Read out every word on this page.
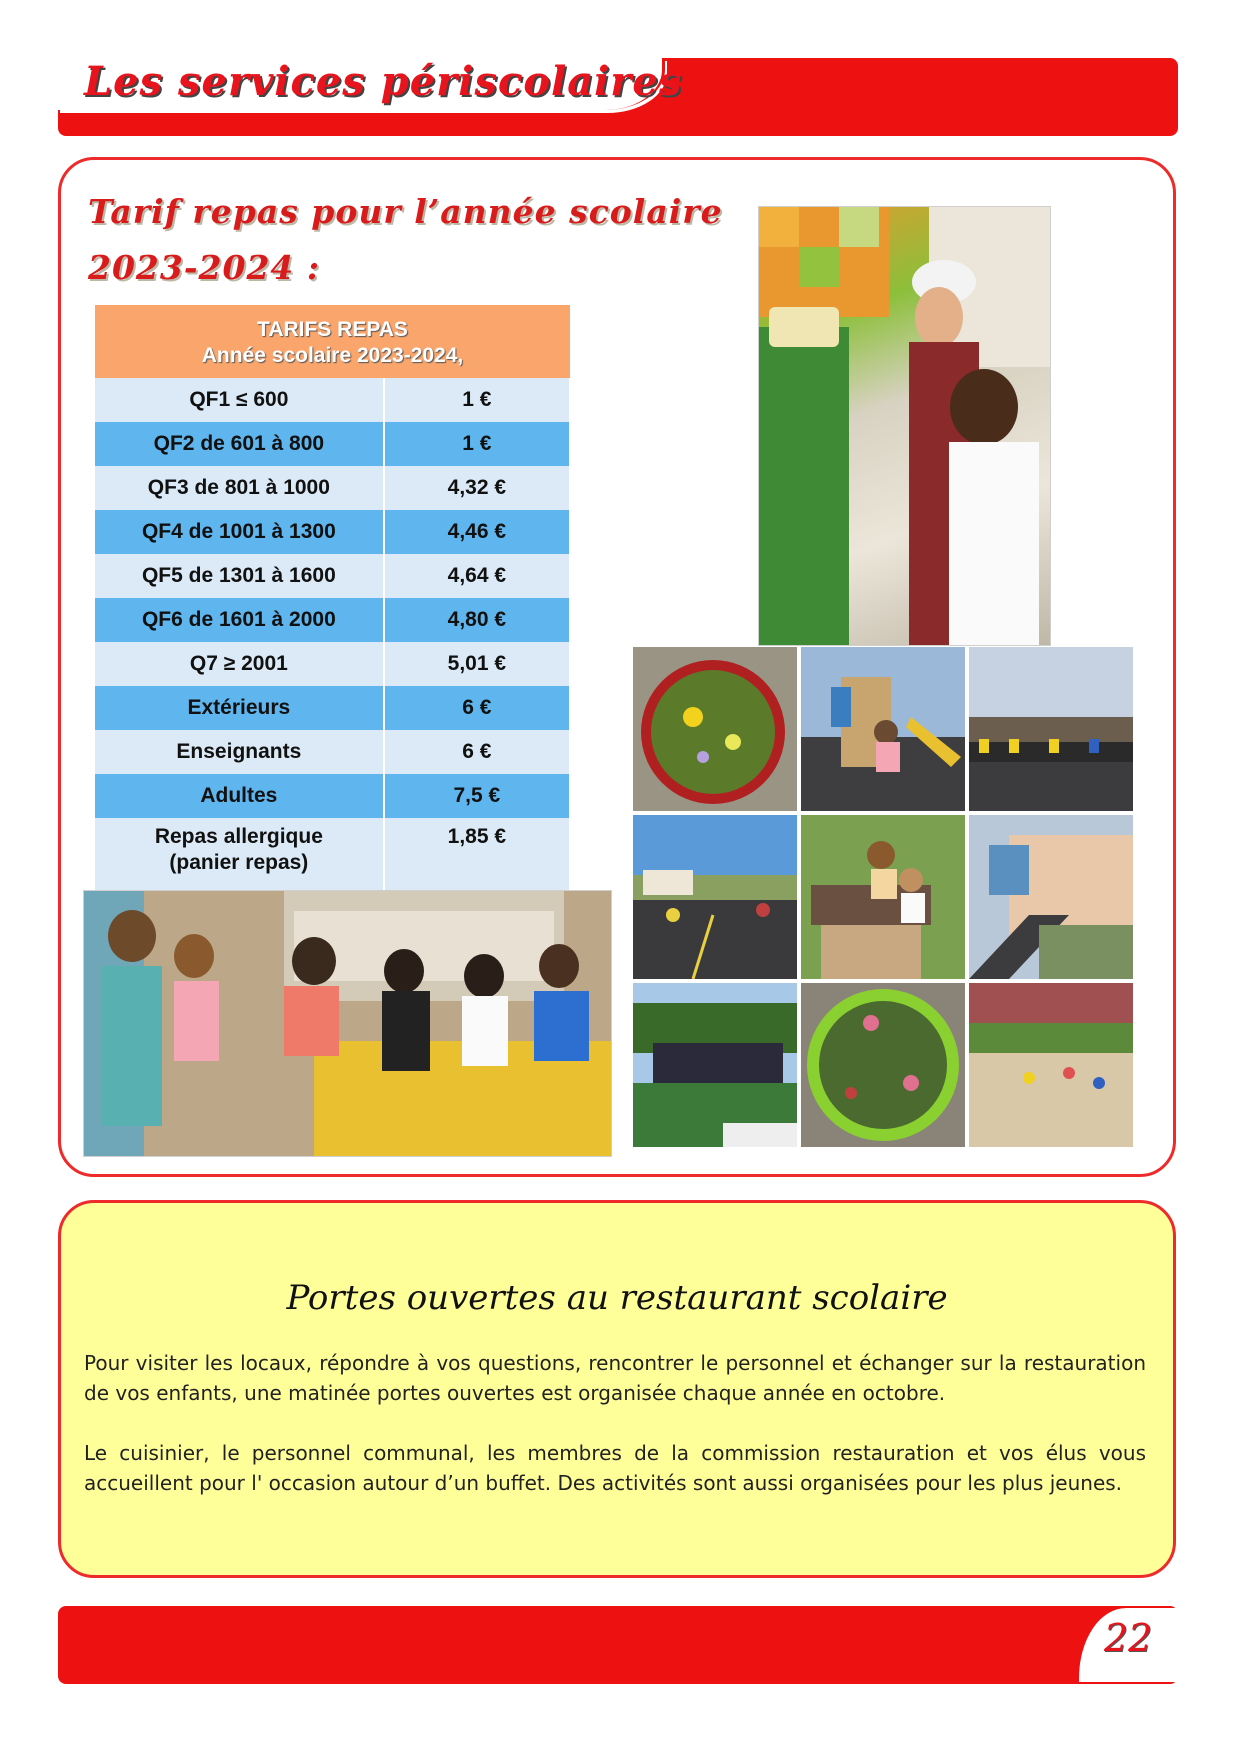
Les services périscolaires
Tarif repas pour l’année scolaire
2023-2024 :
TARIFS REPAS
Année scolaire 2023-2024,	

QF1 ≤ 600	1 €
QF2 de 601 à 800	1 €
QF3 de 801 à 1000	4,32 €
QF4 de 1001 à 1300	4,46 €
QF5 de 1301 à 1600	4,64 €
QF6 de 1601 à 2000	4,80 €
Q7 ≥ 2001	5,01 €
Extérieurs	6 €
Enseignants	6 €
Adultes	7,5 €

Repas allergique
(panier repas)	1,85 €
Portes ouvertes au restaurant scolaire
Pour visiter les locaux, répondre à vos questions, rencontrer le personnel et échanger sur la restauration de vos enfants, une matinée portes ouvertes est organisée chaque année en octobre.
Le cuisinier, le personnel communal, les membres de la commission restauration et vos élus vous accueillent pour l' occasion autour d’un buffet. Des activités sont aussi organisées pour les plus jeunes.
22
